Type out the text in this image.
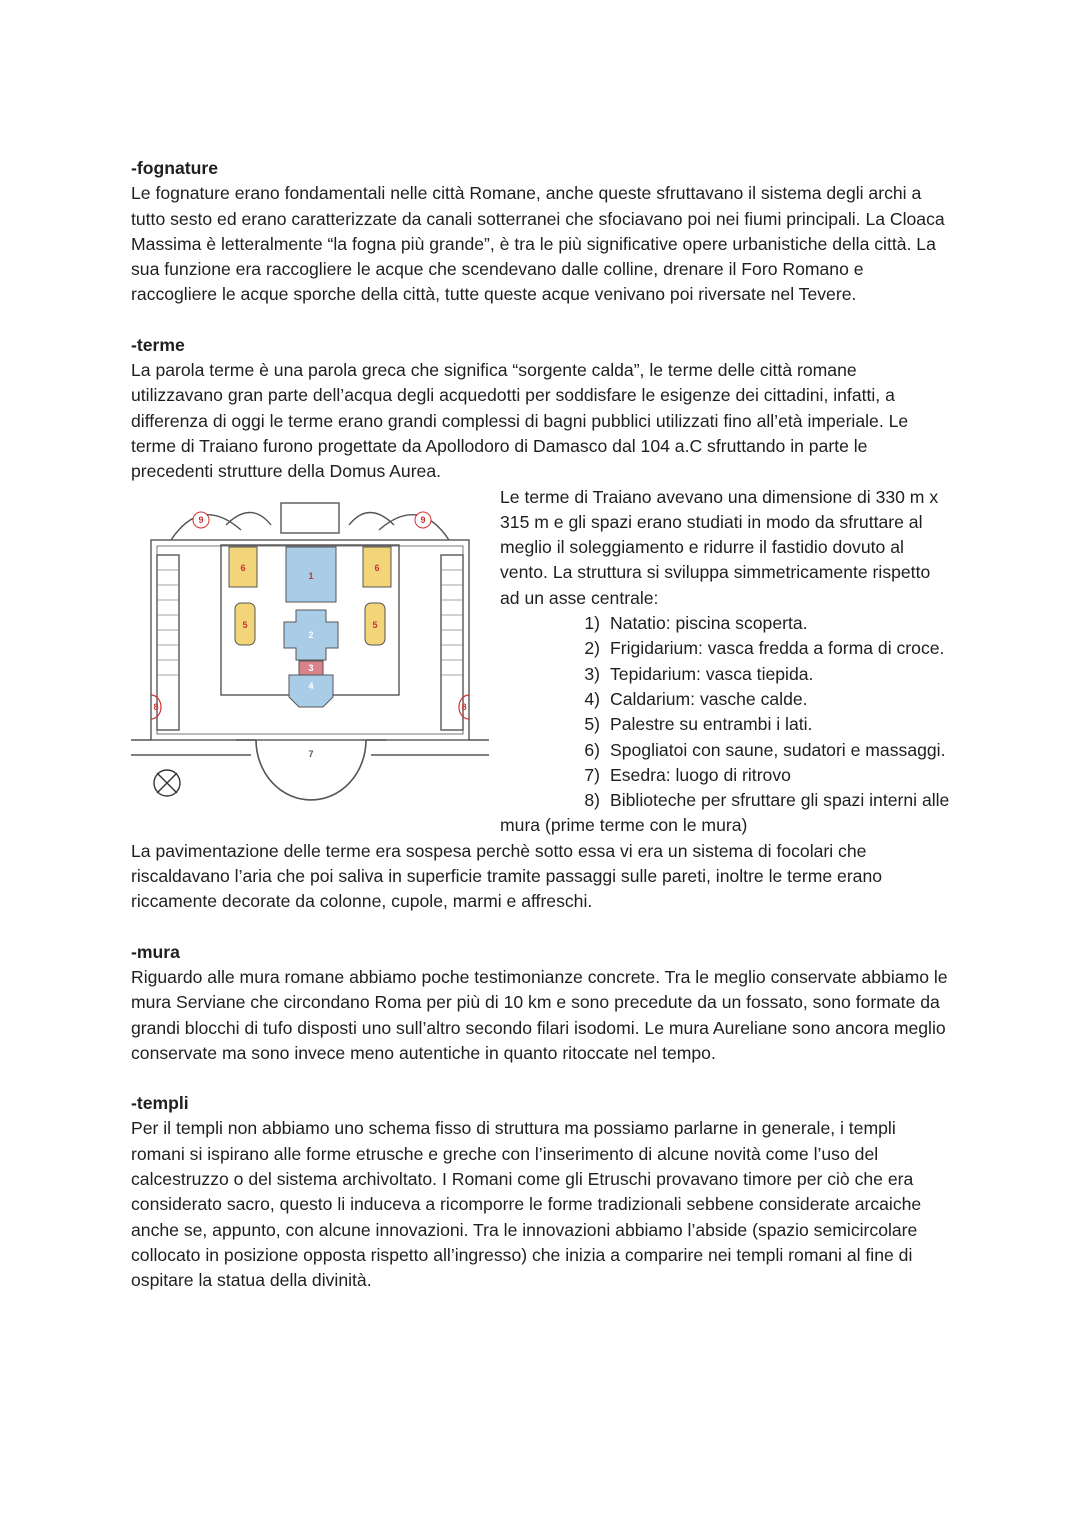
-fognature

Le fognature erano fondamentali nelle città Romane, anche queste sfruttavano il sistema degli archi a tutto sesto ed erano caratterizzate da canali sotterranei che sfociavano poi nei fiumi principali. La Cloaca Massima è letteralmente “la fogna più grande”, è tra le più significative opere urbanistiche della città. La sua funzione era raccogliere le acque che scendevano dalle colline, drenare il Foro Romano e raccogliere le acque sporche della città, tutte queste acque venivano poi riversate nel Tevere.

-terme

La parola terme è una parola greca che significa “sorgente calda”, le terme delle città romane utilizzavano gran parte dell’acqua degli acquedotti per soddisfare le esigenze dei cittadini, infatti, a differenza di oggi le terme erano grandi complessi di bagni pubblici utilizzati fino all’età imperiale. Le terme di Traiano furono progettate da Apollodoro di Damasco dal 104 a.C sfruttando in parte le precedenti strutture della Domus Aurea.

1
2
3
4
5	5
6	6
7
8	8
9	9

Le terme di Traiano avevano una dimensione di 330 m x 315 m e gli spazi erano studiati in modo da sfruttare al meglio il soleggiamento e ridurre il fastidio dovuto al vento. La struttura si sviluppa simmetricamente rispetto ad un asse centrale:

1) Natatio: piscina scoperta.
2) Frigidarium: vasca fredda a forma di croce.
3) Tepidarium: vasca tiepida.
4) Caldarium: vasche calde.
5) Palestre su entrambi i lati.
6) Spogliatoi con saune, sudatori e massaggi.
7) Esedra: luogo di ritrovo
8) Biblioteche per sfruttare gli spazi interni alle

mura (prime terme con le mura)

La pavimentazione delle terme era sospesa perchè sotto essa vi era un sistema di focolari che riscaldavano l’aria che poi saliva in superficie tramite passaggi sulle pareti, inoltre le terme erano riccamente decorate da colonne, cupole, marmi e affreschi.

-mura

Riguardo alle mura romane abbiamo poche testimonianze concrete. Tra le meglio conservate abbiamo le mura Serviane che circondano Roma per più di 10 km e sono precedute da un fossato, sono formate da grandi blocchi di tufo disposti uno sull’altro secondo filari isodomi. Le mura Aureliane sono ancora meglio conservate ma sono invece meno autentiche in quanto ritoccate nel tempo.

-templi

Per il templi non abbiamo uno schema fisso di struttura ma possiamo parlarne in generale, i templi romani si ispirano alle forme etrusche e greche con l’inserimento di alcune novità come l’uso del calcestruzzo o del sistema archivoltato. I Romani come gli Etruschi provavano timore per ciò che era considerato sacro, questo li induceva a ricomporre le forme tradizionali sebbene considerate arcaiche anche se, appunto, con alcune innovazioni. Tra le innovazioni abbiamo l’abside (spazio semicircolare collocato in posizione opposta rispetto all’ingresso) che inizia a comparire nei templi romani al fine di ospitare la statua della divinità.
